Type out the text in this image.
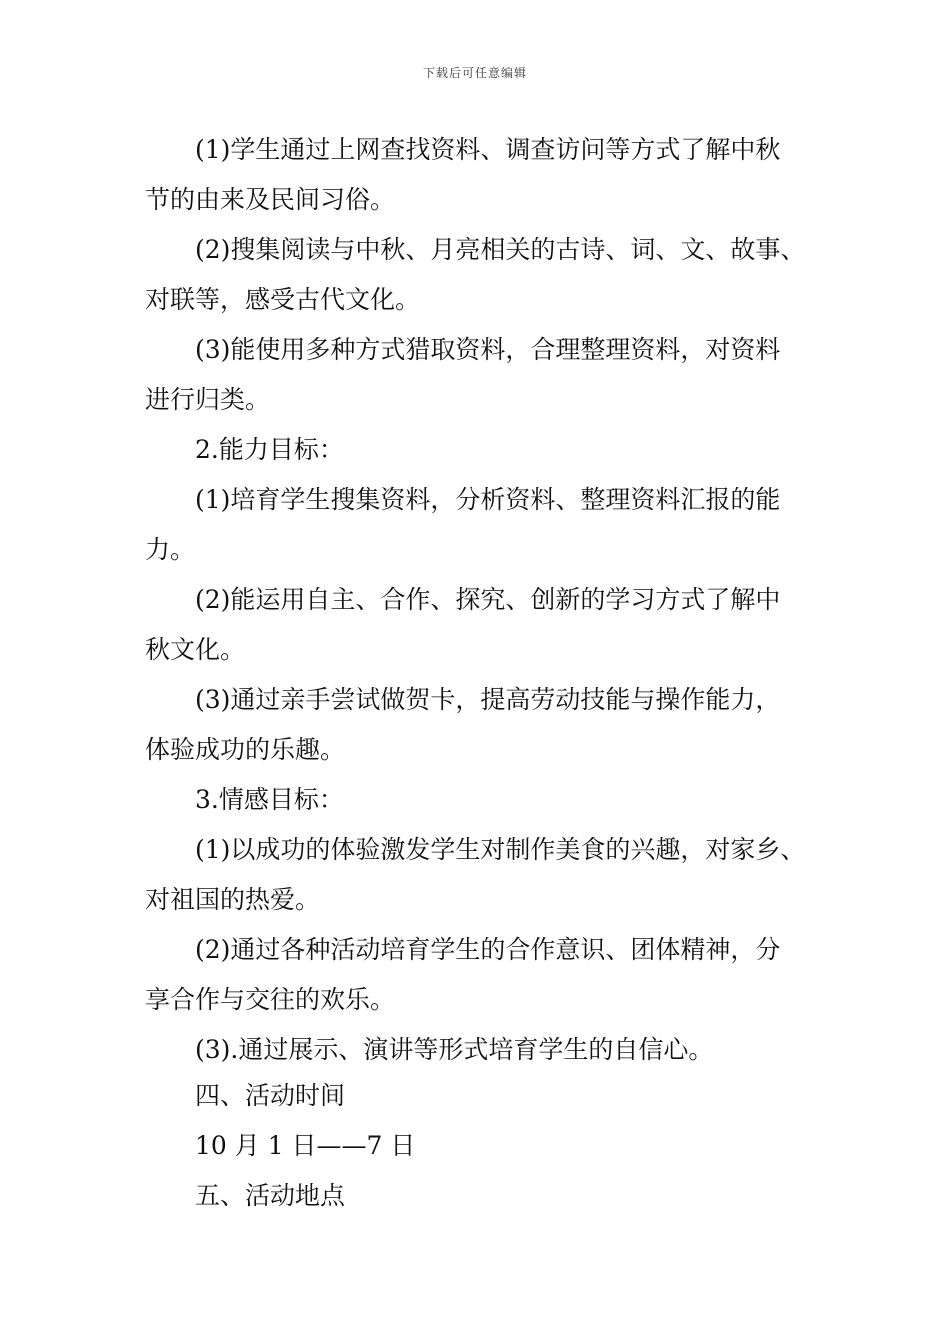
下载后可任意编辑
(1)学生通过上网查找资料、调查访问等方式了解中秋
节的由来及民间习俗。
(2)搜集阅读与中秋、月亮相关的古诗、词、文、故事、
对联等，感受古代文化。
(3)能使用多种方式猎取资料，合理整理资料，对资料
进行归类。
2.能力目标：
(1)培育学生搜集资料，分析资料、整理资料汇报的能
力。
(2)能运用自主、合作、探究、创新的学习方式了解中
秋文化。
(3)通过亲手尝试做贺卡，提高劳动技能与操作能力，
体验成功的乐趣。
3.情感目标：
(1)以成功的体验激发学生对制作美食的兴趣，对家乡、
对祖国的热爱。
(2)通过各种活动培育学生的合作意识、团体精神，分
享合作与交往的欢乐。
(3).通过展示、演讲等形式培育学生的自信心。
四、活动时间
10 月 1 日——7 日
五、活动地点
